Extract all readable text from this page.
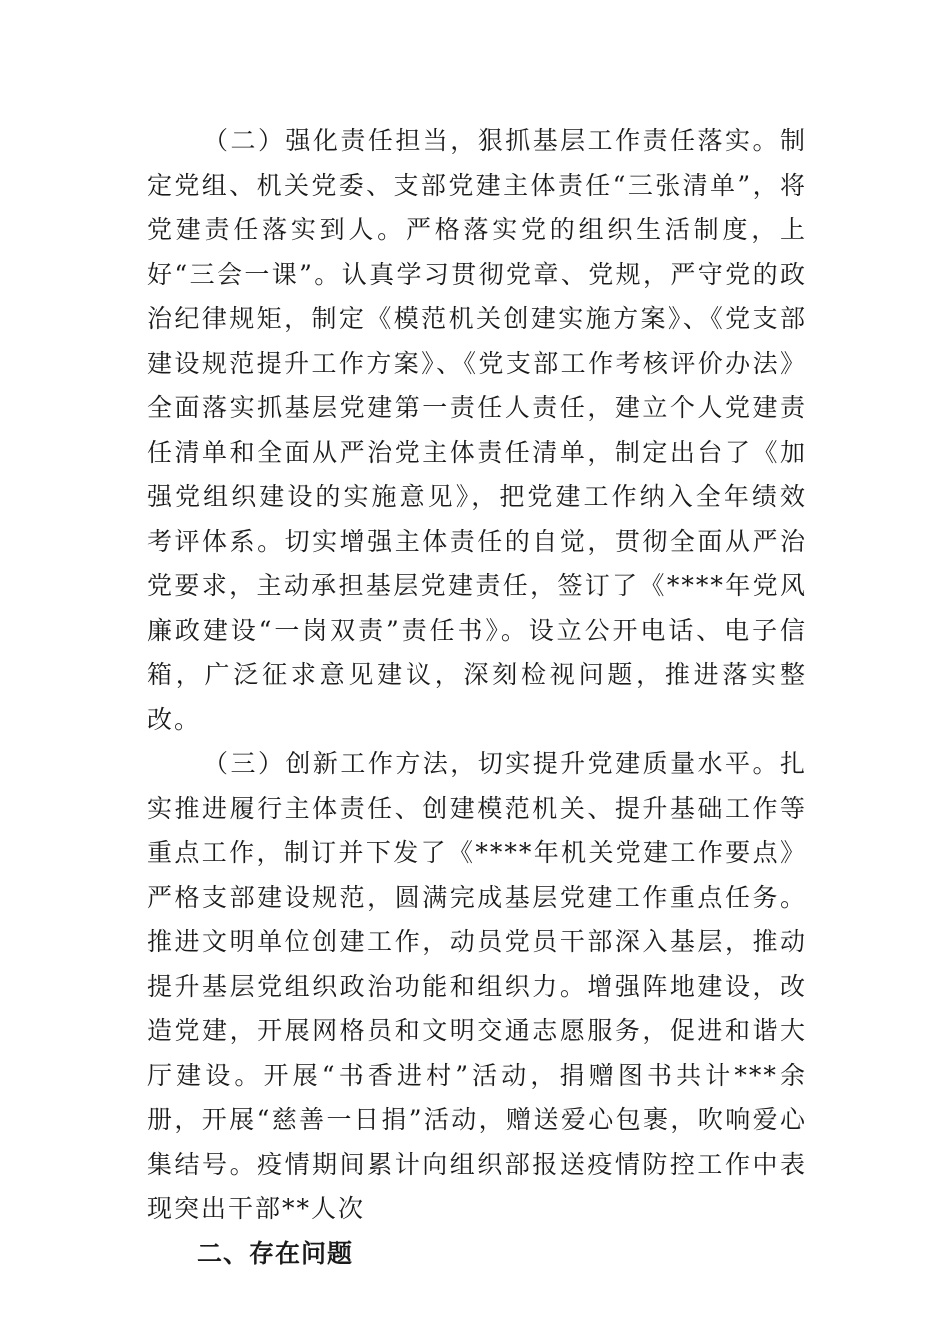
（二）强化责任担当，狠抓基层工作责任落实。制定党组、机关党委、支部党建主体责任“三张清单”，将党建责任落实到人。严格落实党的组织生活制度，上好“三会一课”。认真学习贯彻党章、党规，严守党的政治纪律规矩，制定《模范机关创建实施方案》、《党支部建设规范提升工作方案》、《党支部工作考核评价办法》全面落实抓基层党建第一责任人责任，建立个人党建责任清单和全面从严治党主体责任清单，制定出台了《加强党组织建设的实施意见》，把党建工作纳入全年绩效考评体系。切实增强主体责任的自觉，贯彻全面从严治党要求，主动承担基层党建责任，签订了《****年党风廉政建设“一岗双责”责任书》。设立公开电话、电子信箱，广泛征求意见建议，深刻检视问题，推进落实整改。

（三）创新工作方法，切实提升党建质量水平。扎实推进履行主体责任、创建模范机关、提升基础工作等重点工作，制订并下发了《****年机关党建工作要点》严格支部建设规范，圆满完成基层党建工作重点任务。推进文明单位创建工作，动员党员干部深入基层，推动提升基层党组织政治功能和组织力。增强阵地建设，改造党建，开展网格员和文明交通志愿服务，促进和谐大厅建设。开展“书香进村”活动，捐赠图书共计***余册，开展“慈善一日捐”活动，赠送爱心包裹，吹响爱心集结号。疫情期间累计向组织部报送疫情防控工作中表现突出干部**人次

二、存在问题
